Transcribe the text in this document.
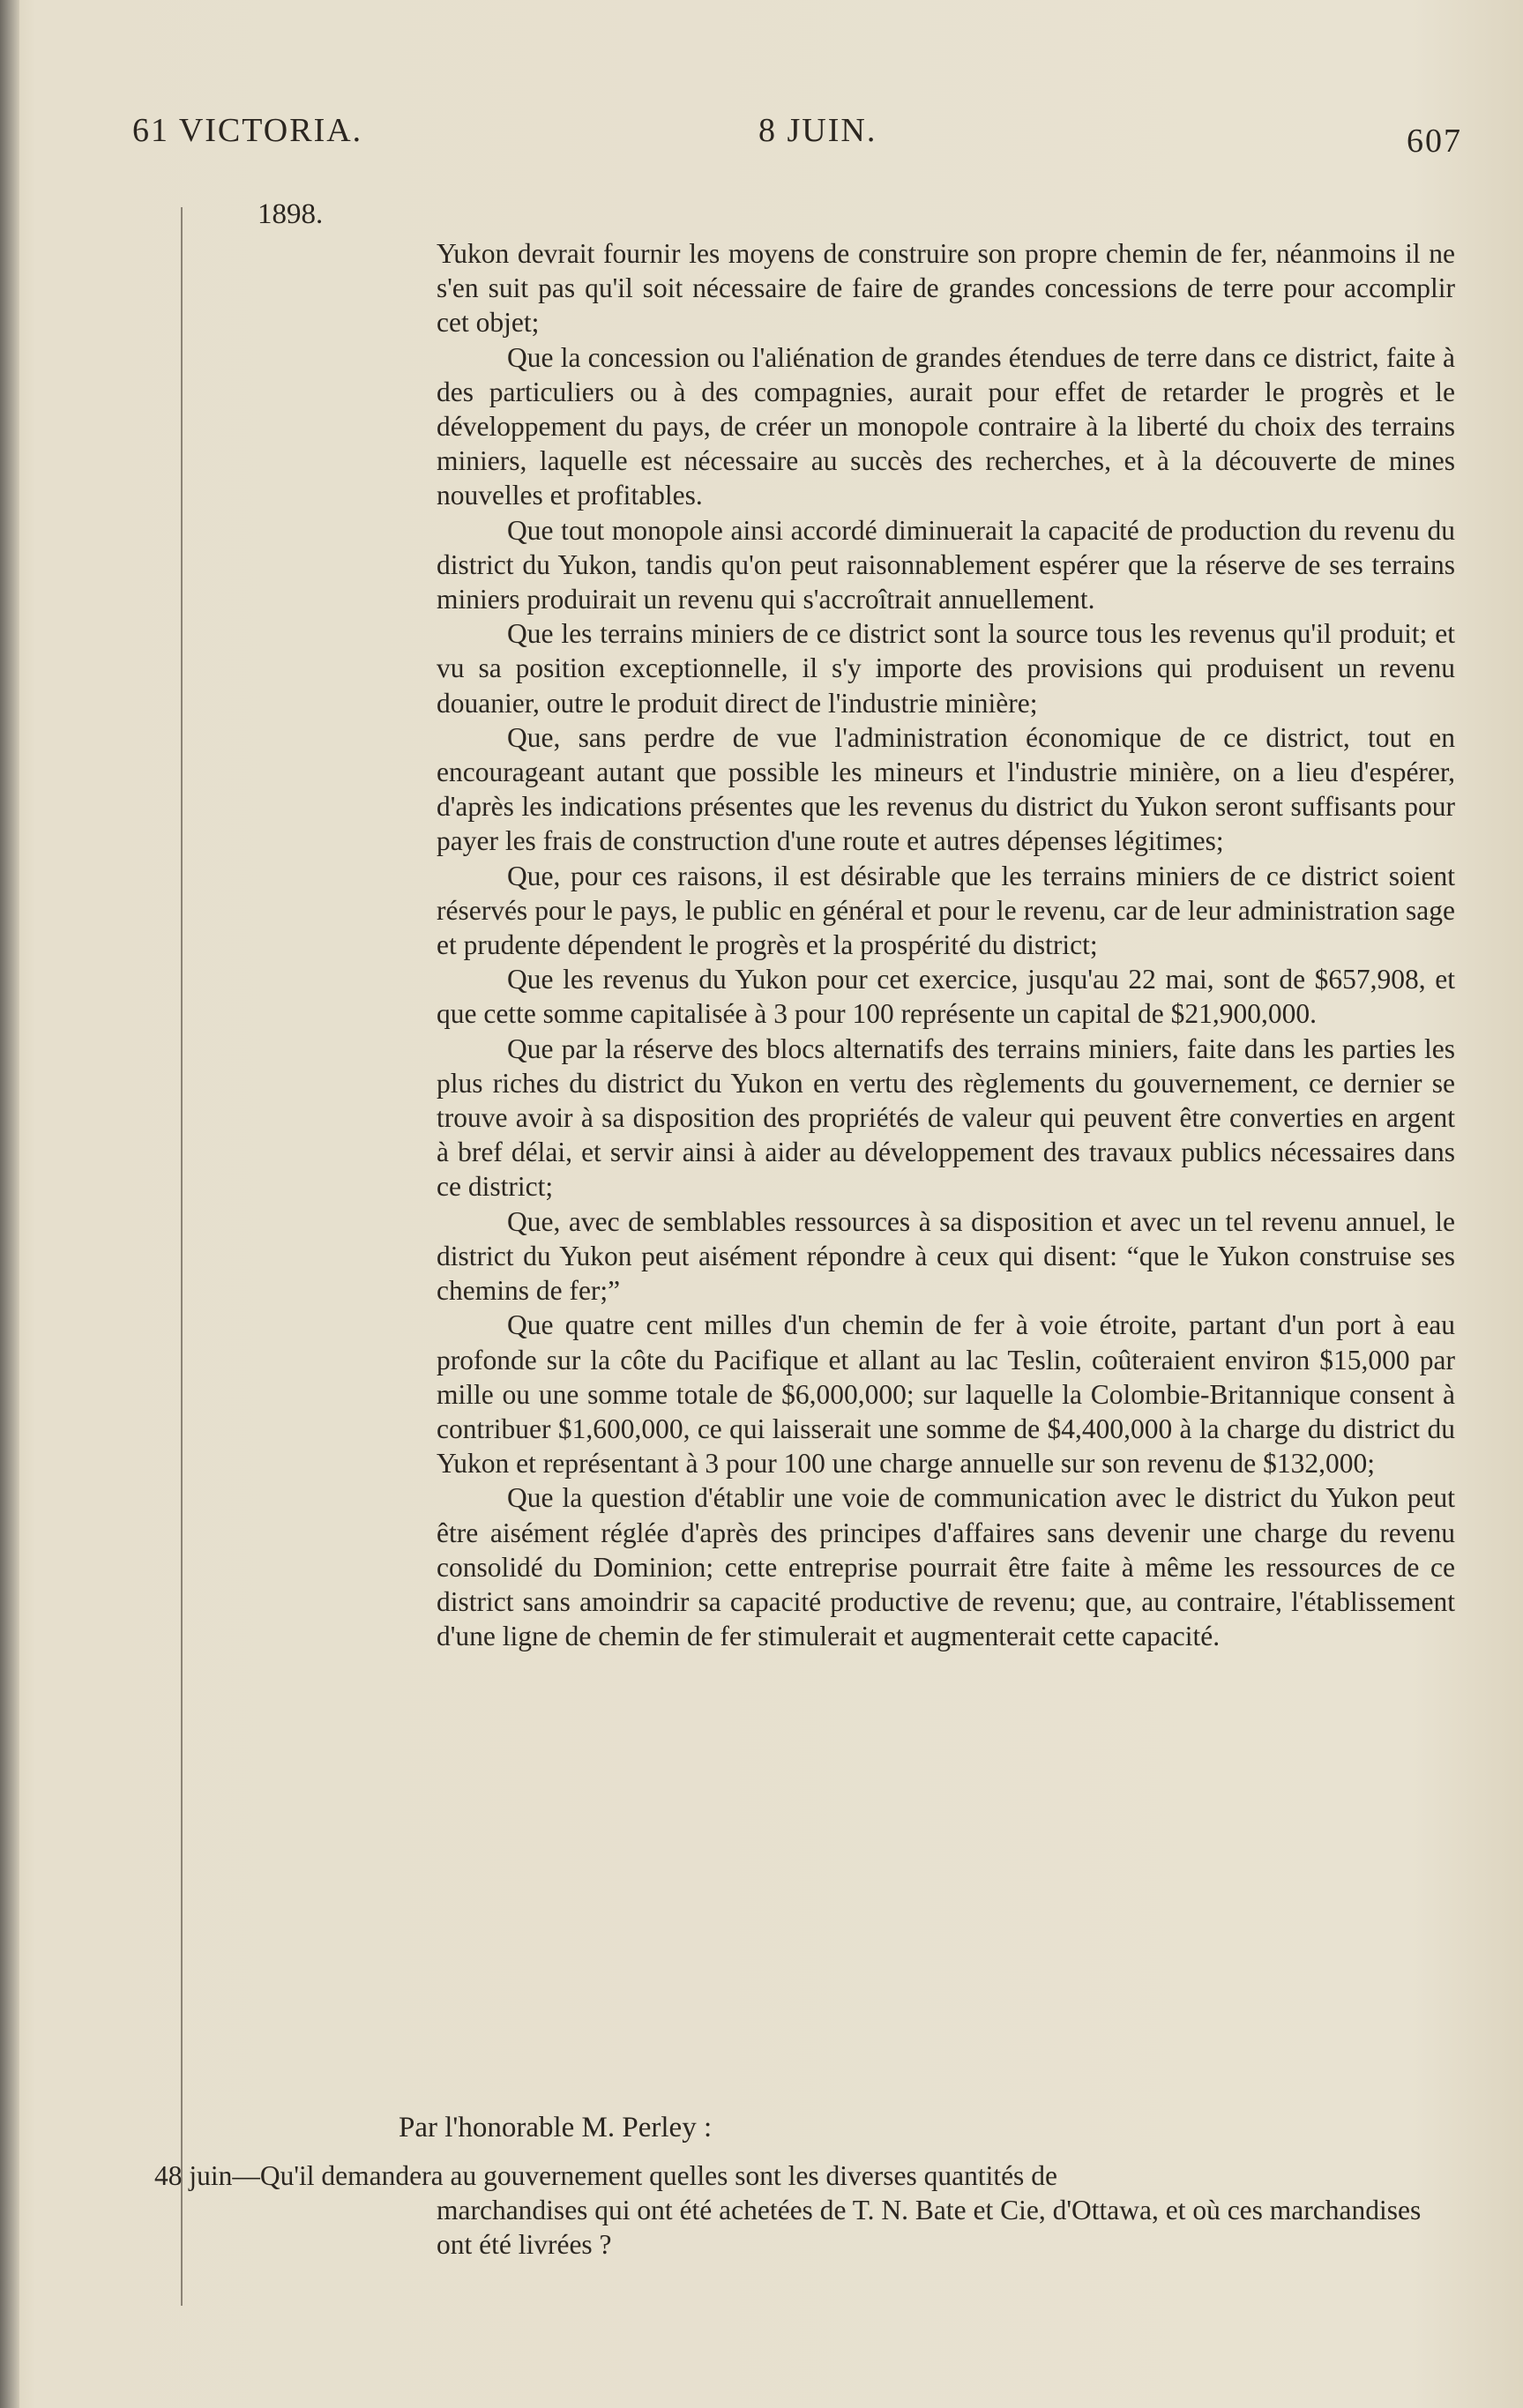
61 VICTORIA.	8 JUIN.	607
1898.

Yukon devrait fournir les moyens de construire son propre chemin de fer, néanmoins il ne s'en suit pas qu'il soit nécessaire de faire de grandes concessions de terre pour accomplir cet objet;

Que la concession ou l'aliénation de grandes étendues de terre dans ce district, faite à des particuliers ou à des compagnies, aurait pour effet de retarder le progrès et le développement du pays, de créer un monopole contraire à la liberté du choix des terrains miniers, laquelle est nécessaire au succès des recherches, et à la découverte de mines nouvelles et profitables.

Que tout monopole ainsi accordé diminuerait la capacité de production du revenu du district du Yukon, tandis qu'on peut raisonnablement espérer que la réserve de ses terrains miniers produirait un revenu qui s'accroîtrait annuellement.

Que les terrains miniers de ce district sont la source tous les revenus qu'il produit; et vu sa position exceptionnelle, il s'y importe des provisions qui produisent un revenu douanier, outre le produit direct de l'industrie minière;

Que, sans perdre de vue l'administration économique de ce district, tout en encourageant autant que possible les mineurs et l'industrie minière, on a lieu d'espérer, d'après les indications présentes que les revenus du district du Yukon seront suffisants pour payer les frais de construction d'une route et autres dépenses légitimes;

Que, pour ces raisons, il est désirable que les terrains miniers de ce district soient réservés pour le pays, le public en général et pour le revenu, car de leur administration sage et prudente dépendent le progrès et la prospérité du district;

Que les revenus du Yukon pour cet exercice, jusqu'au 22 mai, sont de $657,908, et que cette somme capitalisée à 3 pour 100 représente un capital de $21,900,000.

Que par la réserve des blocs alternatifs des terrains miniers, faite dans les parties les plus riches du district du Yukon en vertu des règlements du gouvernement, ce dernier se trouve avoir à sa disposition des propriétés de valeur qui peuvent être converties en argent à bref délai, et servir ainsi à aider au développement des travaux publics nécessaires dans ce district;

Que, avec de semblables ressources à sa disposition et avec un tel revenu annuel, le district du Yukon peut aisément répondre à ceux qui disent: “que le Yukon construise ses chemins de fer;”

Que quatre cent milles d'un chemin de fer à voie étroite, partant d'un port à eau profonde sur la côte du Pacifique et allant au lac Teslin, coûteraient environ $15,000 par mille ou une somme totale de $6,000,000; sur laquelle la Colombie-Britannique consent à contribuer $1,600,000, ce qui laisserait une somme de $4,400,000 à la charge du district du Yukon et représentant à 3 pour 100 une charge annuelle sur son revenu de $132,000;

Que la question d'établir une voie de communication avec le district du Yukon peut être aisément réglée d'après des principes d'affaires sans devenir une charge du revenu consolidé du Dominion; cette entreprise pourrait être faite à même les ressources de ce district sans amoindrir sa capacité productive de revenu; que, au contraire, l'établissement d'une ligne de chemin de fer stimulerait et augmenterait cette capacité.

Par l'honorable M. Perley :
48 juin—Qu'il demandera au gouvernement quelles sont les diverses quantités de
marchandises qui ont été achetées de T. N. Bate et Cie, d'Ottawa, et où ces marchandises ont été livrées ?
